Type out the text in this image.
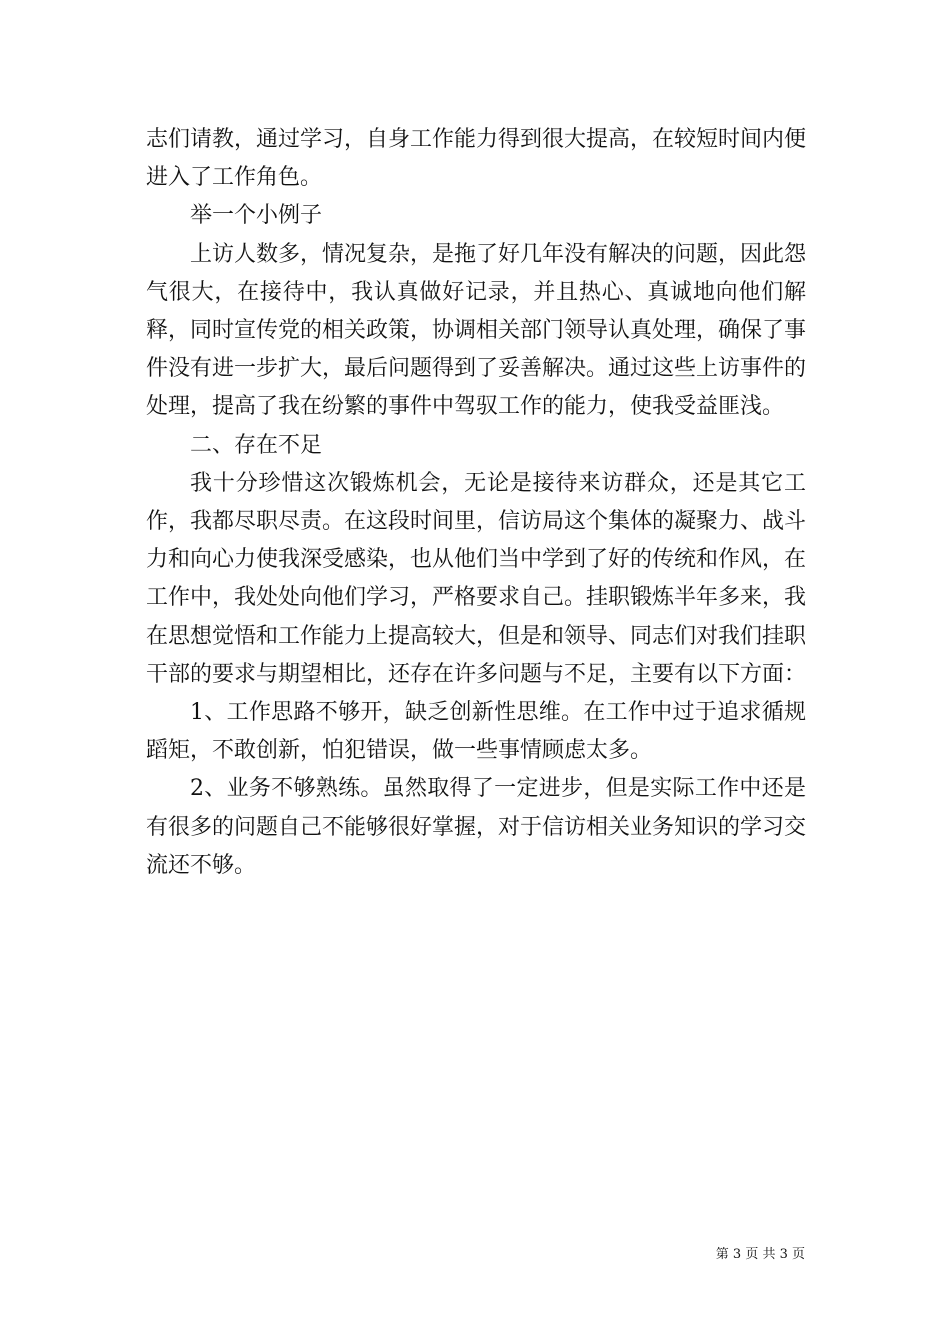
志们请教，通过学习，自身工作能力得到很大提高，在较短时间内便进入了工作角色。

举一个小例子

上访人数多，情况复杂，是拖了好几年没有解决的问题，因此怨气很大，在接待中，我认真做好记录，并且热心、真诚地向他们解释，同时宣传党的相关政策，协调相关部门领导认真处理，确保了事件没有进一步扩大，最后问题得到了妥善解决。通过这些上访事件的处理，提高了我在纷繁的事件中驾驭工作的能力，使我受益匪浅。

二、存在不足

我十分珍惜这次锻炼机会，无论是接待来访群众，还是其它工作，我都尽职尽责。在这段时间里，信访局这个集体的凝聚力、战斗力和向心力使我深受感染，也从他们当中学到了好的传统和作风，在工作中，我处处向他们学习，严格要求自己。挂职锻炼半年多来，我在思想觉悟和工作能力上提高较大，但是和领导、同志们对我们挂职干部的要求与期望相比，还存在许多问题与不足，主要有以下方面：

1、工作思路不够开，缺乏创新性思维。在工作中过于追求循规蹈矩，不敢创新，怕犯错误，做一些事情顾虑太多。

2、业务不够熟练。虽然取得了一定进步，但是实际工作中还是有很多的问题自己不能够很好掌握，对于信访相关业务知识的学习交流还不够。

第 3 页 共 3 页
